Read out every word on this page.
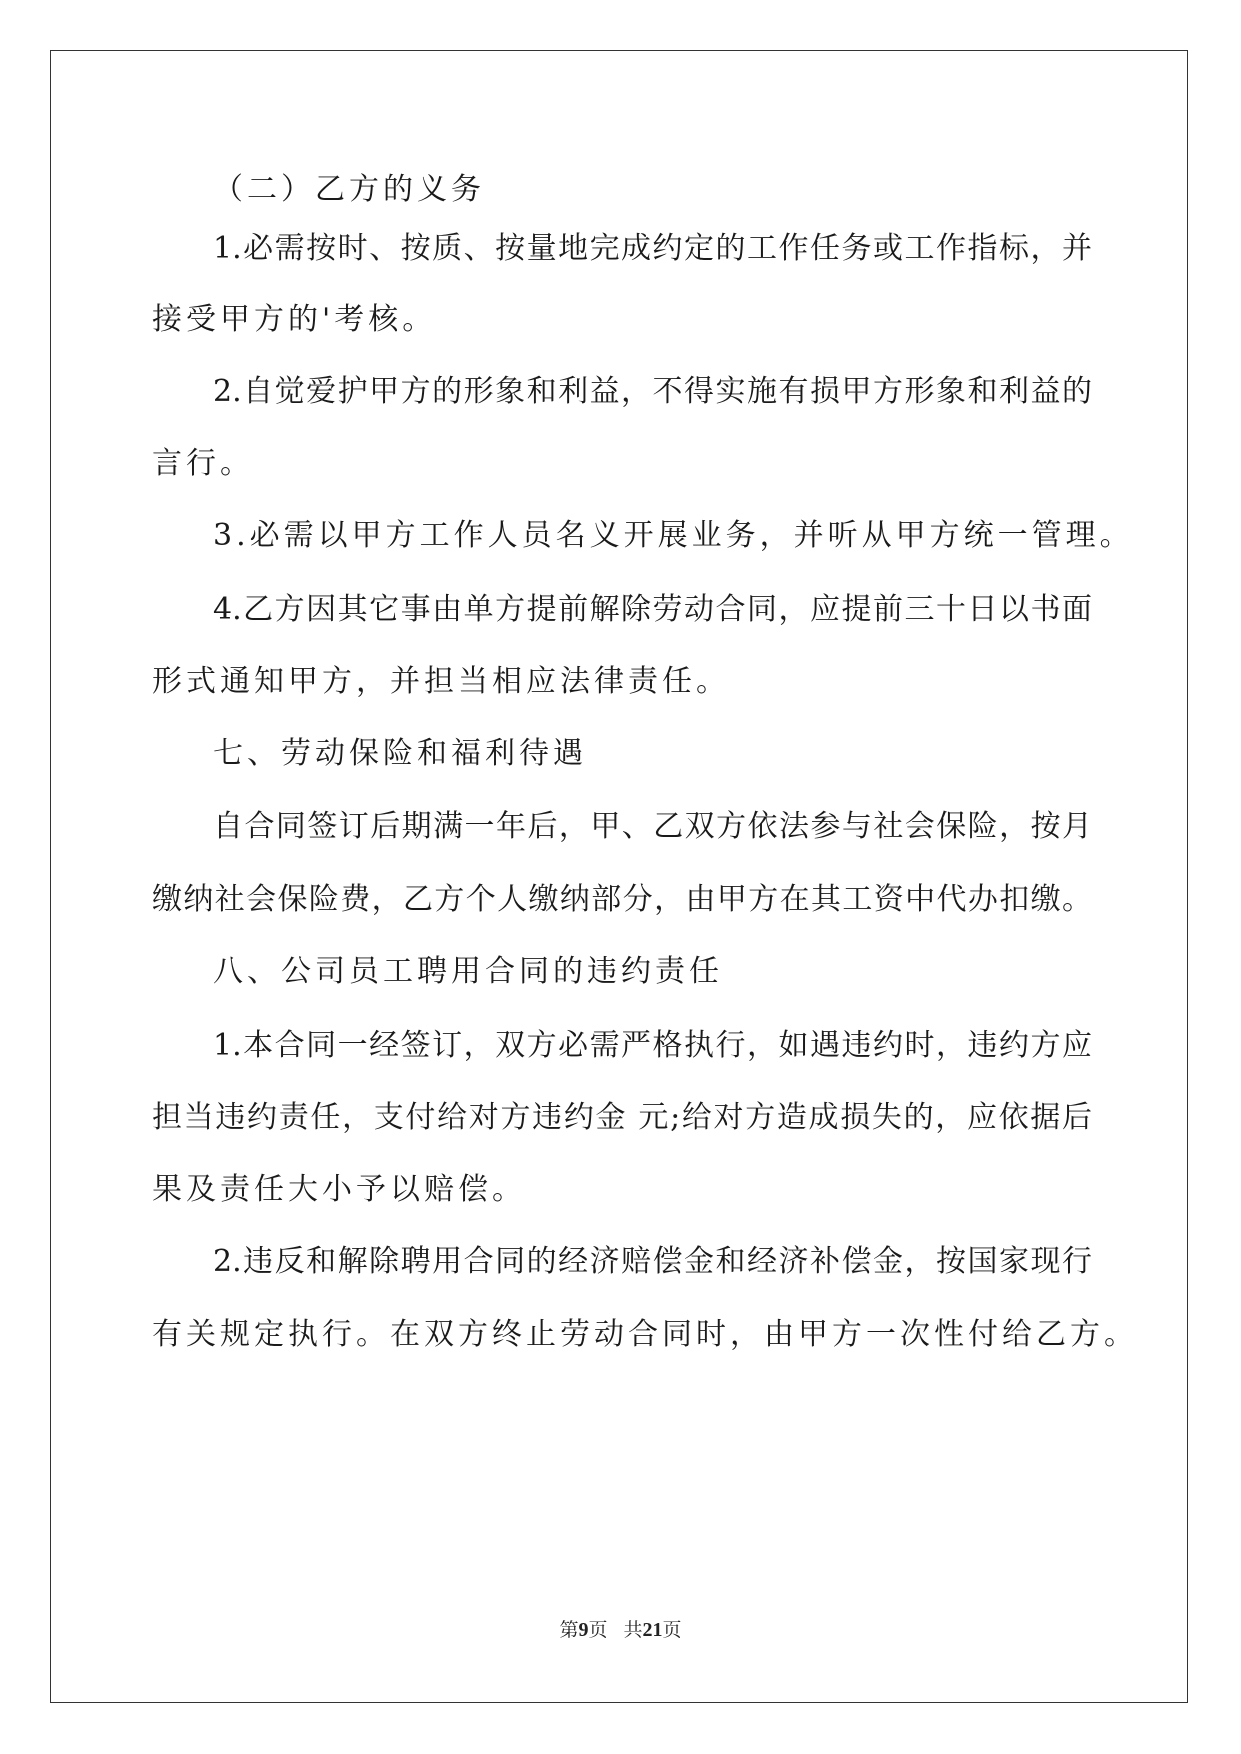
（二）乙方的义务
1.必需按时、按质、按量地完成约定的工作任务或工作指标，并
接受甲方的'考核。
2.自觉爱护甲方的形象和利益，不得实施有损甲方形象和利益的
言行。
3.必需以甲方工作人员名义开展业务，并听从甲方统一管理。
4.乙方因其它事由单方提前解除劳动合同，应提前三十日以书面
形式通知甲方，并担当相应法律责任。
七、劳动保险和福利待遇
自合同签订后期满一年后，甲、乙双方依法参与社会保险，按月
缴纳社会保险费，乙方个人缴纳部分，由甲方在其工资中代办扣缴。
八、公司员工聘用合同的违约责任
1.本合同一经签订，双方必需严格执行，如遇违约时，违约方应
担当违约责任，支付给对方违约金 元;给对方造成损失的，应依据后
果及责任大小予以赔偿。
2.违反和解除聘用合同的经济赔偿金和经济补偿金，按国家现行
有关规定执行。在双方终止劳动合同时，由甲方一次性付给乙方。
第9页 共21页
